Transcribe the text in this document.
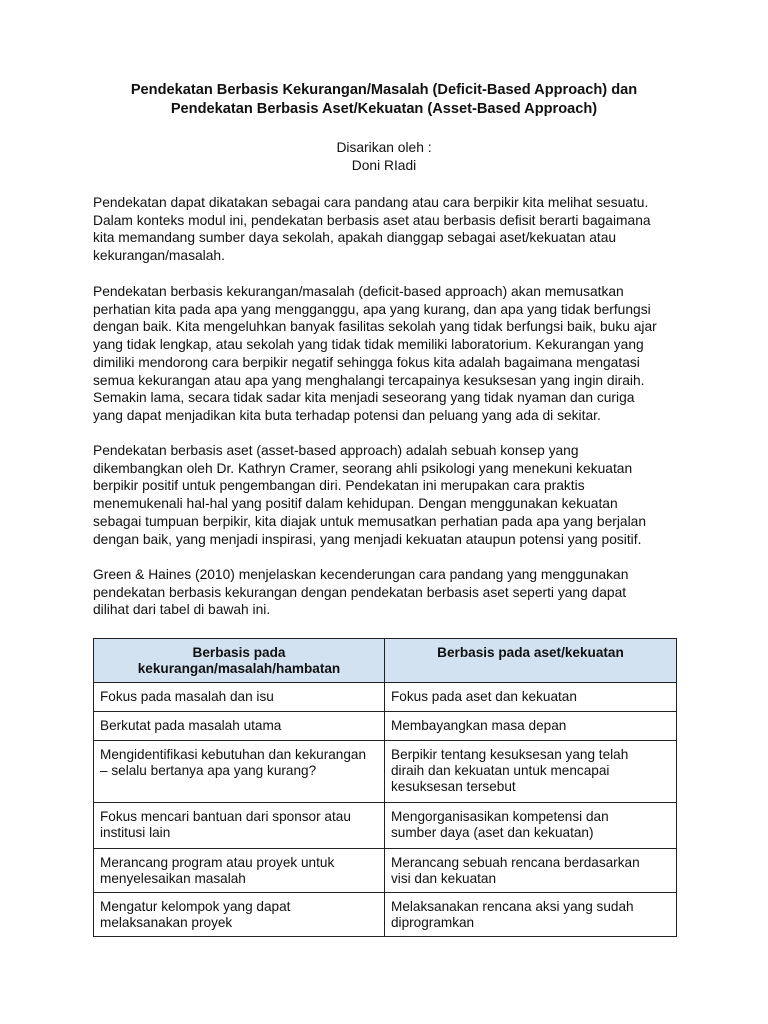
Pendekatan Berbasis Kekurangan/Masalah (Deficit-Based Approach) dan
Pendekatan Berbasis Aset/Kekuatan (Asset-Based Approach)
Disarikan oleh :
Doni RIadi

Pendekatan dapat dikatakan sebagai cara pandang atau cara berpikir kita melihat sesuatu.
Dalam konteks modul ini, pendekatan berbasis aset atau berbasis defisit berarti bagaimana
kita memandang sumber daya sekolah, apakah dianggap sebagai aset/kekuatan atau
kekurangan/masalah.

Pendekatan berbasis kekurangan/masalah (deficit-based approach) akan memusatkan
perhatian kita pada apa yang mengganggu, apa yang kurang, dan apa yang tidak berfungsi
dengan baik. Kita mengeluhkan banyak fasilitas sekolah yang tidak berfungsi baik, buku ajar
yang tidak lengkap, atau sekolah yang tidak tidak memiliki laboratorium. Kekurangan yang
dimiliki mendorong cara berpikir negatif sehingga fokus kita adalah bagaimana mengatasi
semua kekurangan atau apa yang menghalangi tercapainya kesuksesan yang ingin diraih.
Semakin lama, secara tidak sadar kita menjadi seseorang yang tidak nyaman dan curiga
yang dapat menjadikan kita buta terhadap potensi dan peluang yang ada di sekitar.

Pendekatan berbasis aset (asset-based approach) adalah sebuah konsep yang
dikembangkan oleh Dr. Kathryn Cramer, seorang ahli psikologi yang menekuni kekuatan
berpikir positif untuk pengembangan diri. Pendekatan ini merupakan cara praktis
menemukenali hal-hal yang positif dalam kehidupan. Dengan menggunakan kekuatan
sebagai tumpuan berpikir, kita diajak untuk memusatkan perhatian pada apa yang berjalan
dengan baik, yang menjadi inspirasi, yang menjadi kekuatan ataupun potensi yang positif.

Green & Haines (2010) menjelaskan kecenderungan cara pandang yang menggunakan
pendekatan berbasis kekurangan dengan pendekatan berbasis aset seperti yang dapat
dilihat dari tabel di bawah ini.

Berbasis pada
kekurangan/masalah/hambatan	Berbasis pada aset/kekuatan

Fokus pada masalah dan isu	Fokus pada aset dan kekuatan

Berkutat pada masalah utama	Membayangkan masa depan

Mengidentifikasi kebutuhan dan kekurangan
– selalu bertanya apa yang kurang?	Berpikir tentang kesuksesan yang telah
diraih dan kekuatan untuk mencapai
kesuksesan tersebut

Fokus mencari bantuan dari sponsor atau
institusi lain	Mengorganisasikan kompetensi dan
sumber daya (aset dan kekuatan)

Merancang program atau proyek untuk
menyelesaikan masalah	Merancang sebuah rencana berdasarkan
visi dan kekuatan

Mengatur kelompok yang dapat
melaksanakan proyek	Melaksanakan rencana aksi yang sudah
diprogramkan
